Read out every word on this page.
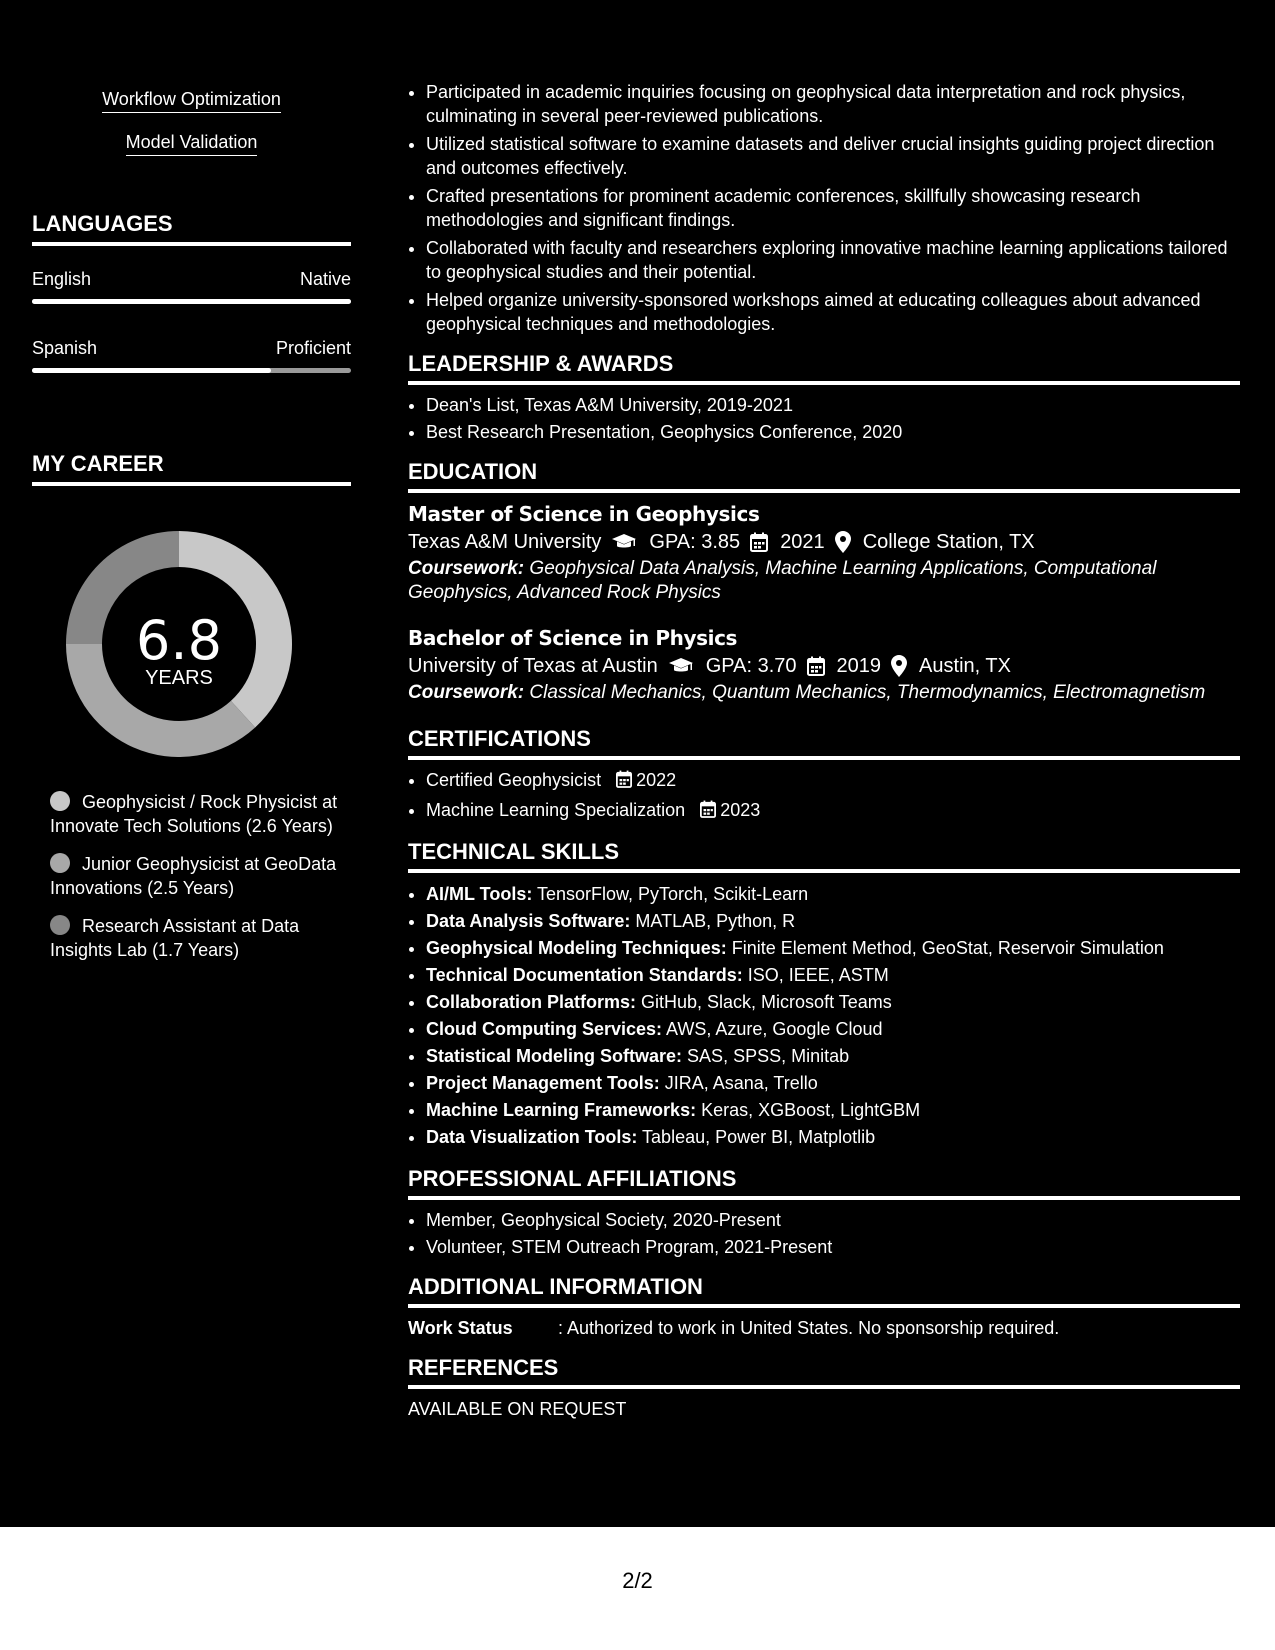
Workflow Optimization
Model Validation
LANGUAGES
English	Native
Spanish	Proficient
MY CAREER
6.8
YEARS
Geophysicist / Rock Physicist at Innovate Tech Solutions (2.6 Years)
Junior Geophysicist at GeoData Innovations (2.5 Years)
Research Assistant at Data Insights Lab (1.7 Years)
• Participated in academic inquiries focusing on geophysical data interpretation and rock physics, culminating in several peer-reviewed publications.
• Utilized statistical software to examine datasets and deliver crucial insights guiding project direction and outcomes effectively.
• Crafted presentations for prominent academic conferences, skillfully showcasing research methodologies and significant findings.
• Collaborated with faculty and researchers exploring innovative machine learning applications tailored to geophysical studies and their potential.
• Helped organize university-sponsored workshops aimed at educating colleagues about advanced geophysical techniques and methodologies.
LEADERSHIP & AWARDS
• Dean's List, Texas A&M University, 2019-2021
• Best Research Presentation, Geophysics Conference, 2020
EDUCATION
Master of Science in Geophysics
Texas A&M University GPA: 3.85 2021 College Station, TX
Coursework: Geophysical Data Analysis, Machine Learning Applications, Computational Geophysics, Advanced Rock Physics
Bachelor of Science in Physics
University of Texas at Austin GPA: 3.70 2019 Austin, TX
Coursework: Classical Mechanics, Quantum Mechanics, Thermodynamics, Electromagnetism
CERTIFICATIONS
• Certified Geophysicist 2022
• Machine Learning Specialization 2023
TECHNICAL SKILLS
• AI/ML Tools: TensorFlow, PyTorch, Scikit-Learn
• Data Analysis Software: MATLAB, Python, R
• Geophysical Modeling Techniques: Finite Element Method, GeoStat, Reservoir Simulation
• Technical Documentation Standards: ISO, IEEE, ASTM
• Collaboration Platforms: GitHub, Slack, Microsoft Teams
• Cloud Computing Services: AWS, Azure, Google Cloud
• Statistical Modeling Software: SAS, SPSS, Minitab
• Project Management Tools: JIRA, Asana, Trello
• Machine Learning Frameworks: Keras, XGBoost, LightGBM
• Data Visualization Tools: Tableau, Power BI, Matplotlib
PROFESSIONAL AFFILIATIONS
• Member, Geophysical Society, 2020-Present
• Volunteer, STEM Outreach Program, 2021-Present
ADDITIONAL INFORMATION
Work Status	: Authorized to work in United States. No sponsorship required.
REFERENCES
AVAILABLE ON REQUEST
2/2
